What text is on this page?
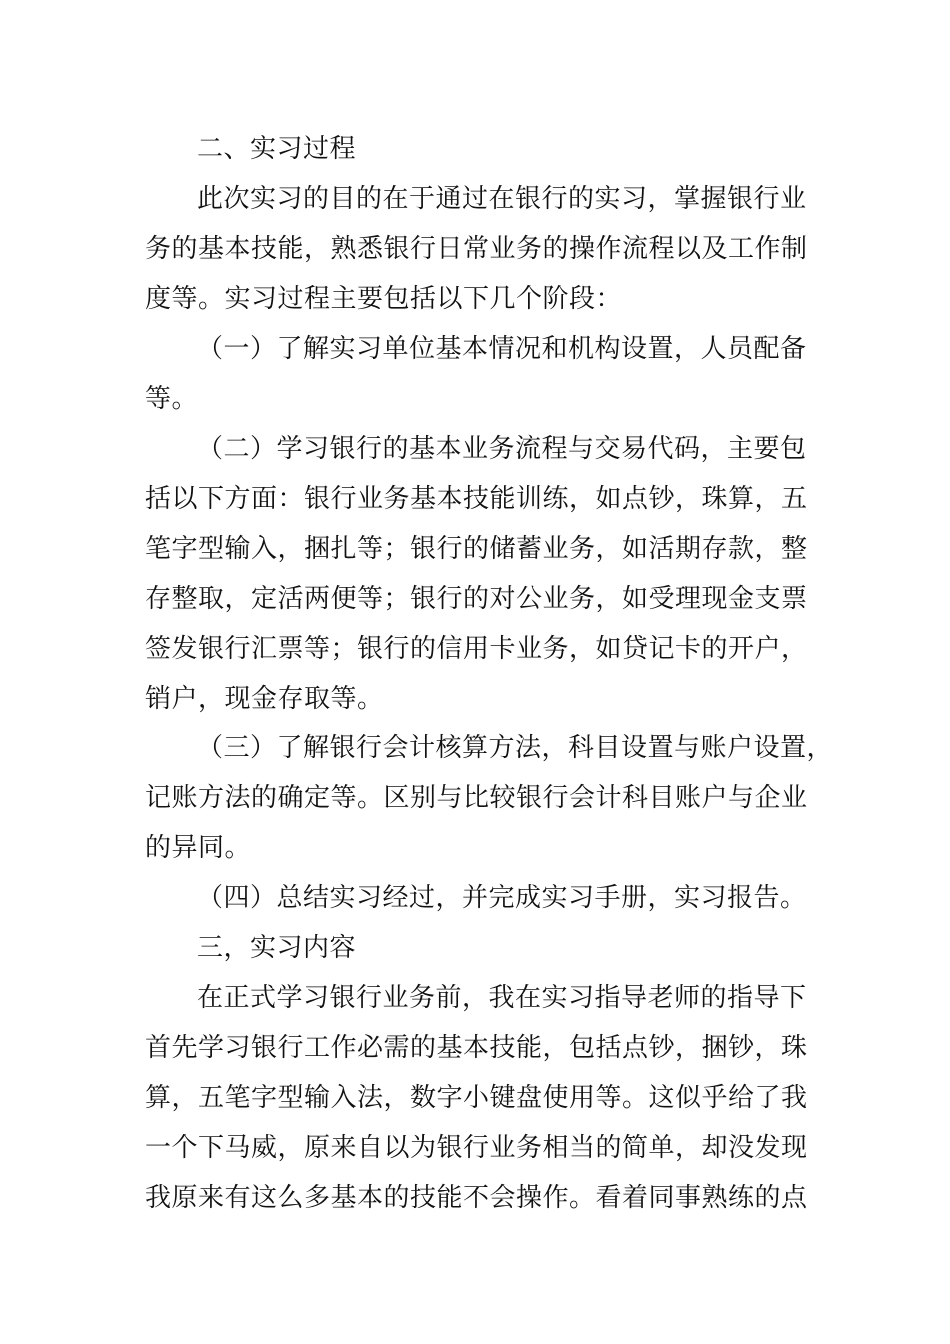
二、实习过程
此次实习的目的在于通过在银行的实习，掌握银行业
务的基本技能，熟悉银行日常业务的操作流程以及工作制
度等。实习过程主要包括以下几个阶段：
（一）了解实习单位基本情况和机构设置，人员配备
等。
（二）学习银行的基本业务流程与交易代码，主要包
括以下方面：银行业务基本技能训练，如点钞，珠算，五
笔字型输入，捆扎等；银行的储蓄业务，如活期存款，整
存整取，定活两便等；银行的对公业务，如受理现金支票
签发银行汇票等；银行的信用卡业务，如贷记卡的开户，
销户，现金存取等。
（三）了解银行会计核算方法，科目设置与账户设置，
记账方法的确定等。区别与比较银行会计科目账户与企业
的异同。
（四）总结实习经过，并完成实习手册，实习报告。
三，实习内容
在正式学习银行业务前，我在实习指导老师的指导下
首先学习银行工作必需的基本技能，包括点钞，捆钞，珠
算，五笔字型输入法，数字小键盘使用等。这似乎给了我
一个下马威，原来自以为银行业务相当的简单，却没发现
我原来有这么多基本的技能不会操作。看着同事熟练的点
